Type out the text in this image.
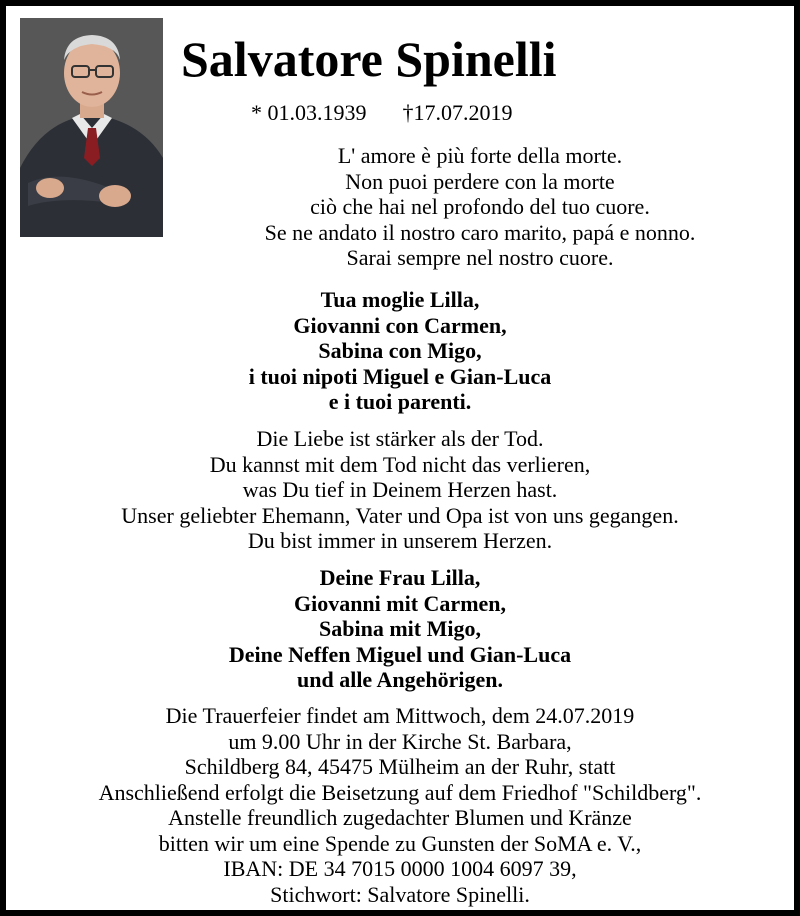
Salvatore Spinelli
* 01.03.1939 †17.07.2019
L' amore è più forte della morte.
Non puoi perdere con la morte
ciò che hai nel profondo del tuo cuore.
Se ne andato il nostro caro marito, papá e nonno.
Sarai sempre nel nostro cuore.
Tua moglie Lilla,
Giovanni con Carmen,
Sabina con Migo,
i tuoi nipoti Miguel e Gian-Luca
e i tuoi parenti.
Die Liebe ist stärker als der Tod.
Du kannst mit dem Tod nicht das verlieren,
was Du tief in Deinem Herzen hast.
Unser geliebter Ehemann, Vater und Opa ist von uns gegangen.
Du bist immer in unserem Herzen.
Deine Frau Lilla,
Giovanni mit Carmen,
Sabina mit Migo,
Deine Neffen Miguel und Gian-Luca
und alle Angehörigen.
Die Trauerfeier findet am Mittwoch, dem 24.07.2019
um 9.00 Uhr in der Kirche St. Barbara,
Schildberg 84, 45475 Mülheim an der Ruhr, statt
Anschließend erfolgt die Beisetzung auf dem Friedhof "Schildberg".
Anstelle freundlich zugedachter Blumen und Kränze
bitten wir um eine Spende zu Gunsten der SoMA e. V.,
IBAN: DE 34 7015 0000 1004 6097 39,
Stichwort: Salvatore Spinelli.
